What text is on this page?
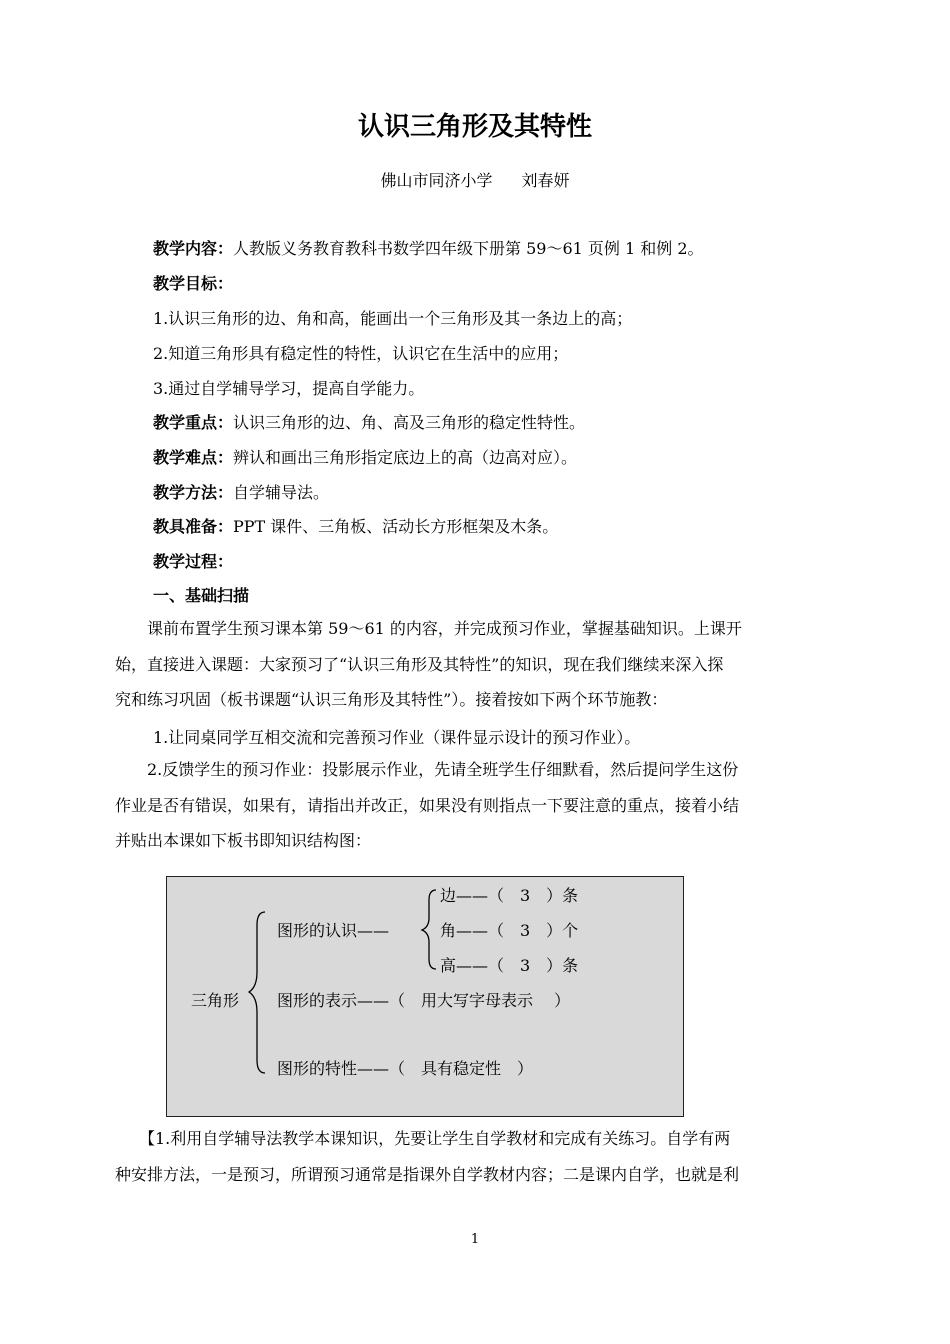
认识三角形及其特性
佛山市同济小学 刘春妍
教学内容：人教版义务教育教科书数学四年级下册第 59～61 页例 1 和例 2。
教学目标：
1.认识三角形的边、角和高，能画出一个三角形及其一条边上的高；
2.知道三角形具有稳定性的特性，认识它在生活中的应用；
3.通过自学辅导学习，提高自学能力。
教学重点：认识三角形的边、角、高及三角形的稳定性特性。
教学难点：辨认和画出三角形指定底边上的高（边高对应）。
教学方法：自学辅导法。
教具准备：PPT 课件、三角板、活动长方形框架及木条。
教学过程：
一、基础扫描
　　课前布置学生预习课本第 59～61 的内容，并完成预习作业，掌握基础知识。上课开
始，直接进入课题：大家预习了“认识三角形及其特性”的知识，现在我们继续来深入探
究和练习巩固（板书课题“认识三角形及其特性”）。接着按如下两个环节施教：
1.让同桌同学互相交流和完善预习作业（课件显示设计的预习作业）。
　　2.反馈学生的预习作业：投影展示作业，先请全班学生仔细默看，然后提问学生这份
作业是否有错误，如果有，请指出并改正，如果没有则指点一下要注意的重点，接着小结
并贴出本课如下板书即知识结构图：
三角形
图形的认识——
边——（　3　）条
角——（　3　）个
高——（　3　）条
图形的表示——（　用大写字母表示　 ）
图形的特性——（　具有稳定性　）
　　【1.利用自学辅导法教学本课知识，先要让学生自学教材和完成有关练习。自学有两
种安排方法，一是预习，所谓预习通常是指课外自学教材内容；二是课内自学，也就是利
1
